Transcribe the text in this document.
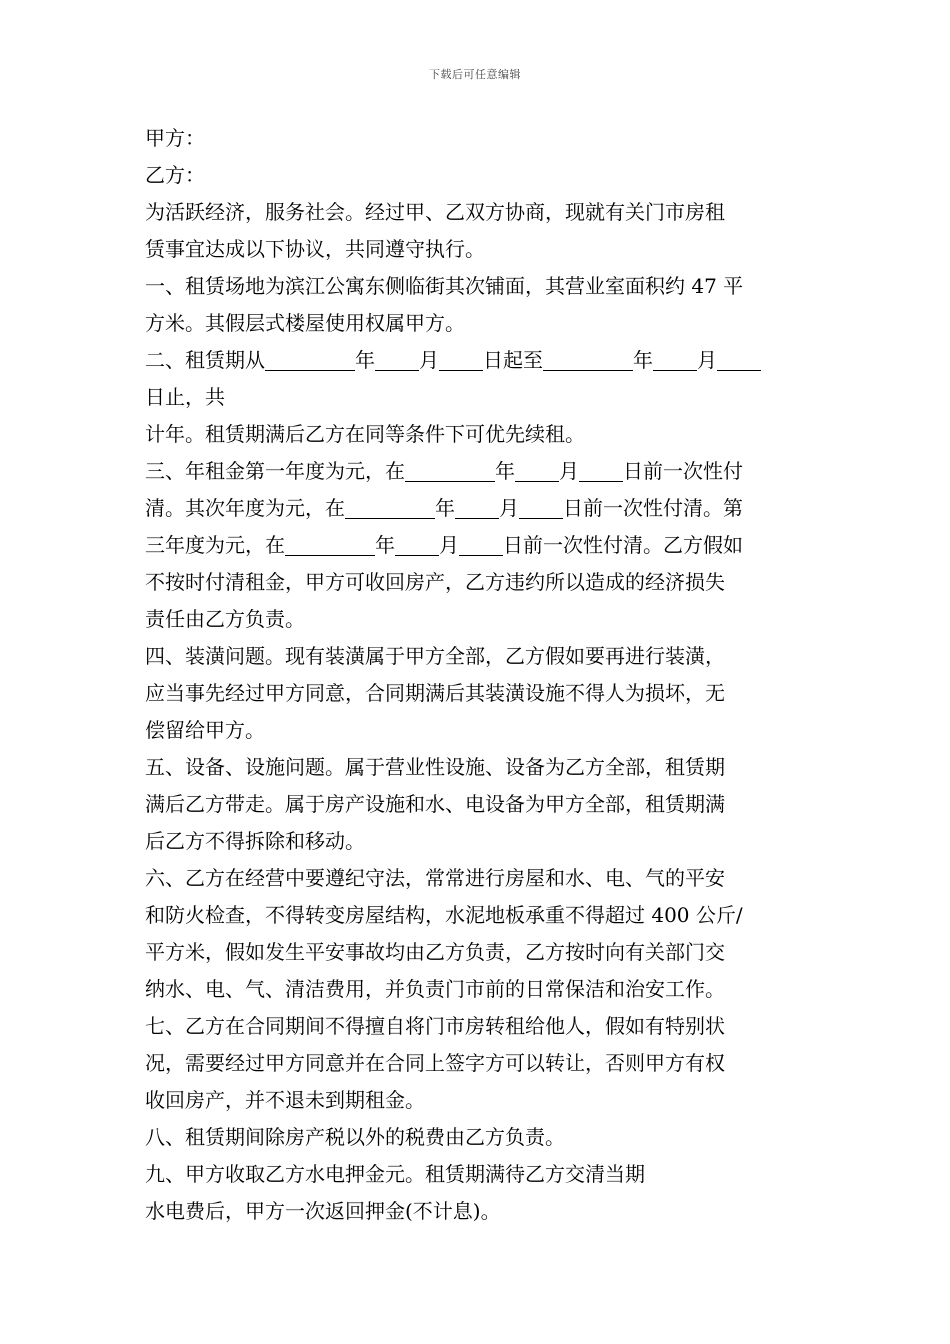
下载后可任意编辑
甲方：
乙方：
为活跃经济，服务社会。经过甲、乙双方协商，现就有关门市房租
赁事宜达成以下协议，共同遵守执行。
一、租赁场地为滨江公寓东侧临街其次铺面，其营业室面积约 47 平
方米。其假层式楼屋使用权属甲方。
二、租赁期从	年 月 日起至	年 月
日止，共
计年。租赁期满后乙方在同等条件下可优先续租。
三、年租金第一年度为元，在	年 月 日前一次性付
清。其次年度为元，在	年 月 日前一次性付清。第
三年度为元，在	年 月 日前一次性付清。乙方假如
不按时付清租金，甲方可收回房产，乙方违约所以造成的经济损失
责任由乙方负责。
四、装潢问题。现有装潢属于甲方全部，乙方假如要再进行装潢，
应当事先经过甲方同意，合同期满后其装潢设施不得人为损坏，无
偿留给甲方。
五、设备、设施问题。属于营业性设施、设备为乙方全部，租赁期
满后乙方带走。属于房产设施和水、电设备为甲方全部，租赁期满
后乙方不得拆除和移动。
六、乙方在经营中要遵纪守法，常常进行房屋和水、电、气的平安
和防火检查，不得转变房屋结构，水泥地板承重不得超过 400 公斤/
平方米，假如发生平安事故均由乙方负责，乙方按时向有关部门交
纳水、电、气、清洁费用，并负责门市前的日常保洁和治安工作。
七、乙方在合同期间不得擅自将门市房转租给他人，假如有特别状
况，需要经过甲方同意并在合同上签字方可以转让，否则甲方有权
收回房产，并不退未到期租金。
八、租赁期间除房产税以外的税费由乙方负责。
九、甲方收取乙方水电押金元。租赁期满待乙方交清当期
水电费后，甲方一次返回押金(不计息)。
